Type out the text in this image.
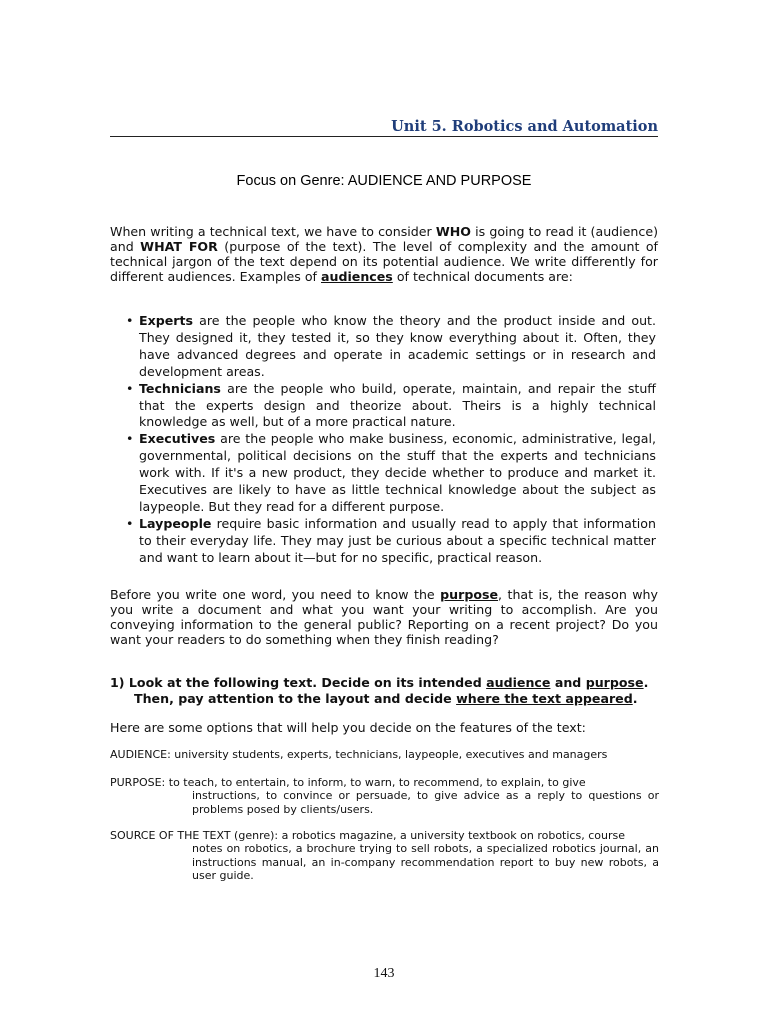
Unit 5. Robotics and Automation
Focus on Genre: AUDIENCE AND PURPOSE

When writing a technical text, we have to consider WHO is going to read it (audience) and WHAT FOR (purpose of the text). The level of complexity and the amount of technical jargon of the text depend on its potential audience. We write differently for different audiences. Examples of audiences of technical documents are:

• Experts are the people who know the theory and the product inside and out. They designed it, they tested it, so they know everything about it. Often, they have advanced degrees and operate in academic settings or in research and development areas.
• Technicians are the people who build, operate, maintain, and repair the stuff that the experts design and theorize about. Theirs is a highly technical knowledge as well, but of a more practical nature.
• Executives are the people who make business, economic, administrative, legal, governmental, political decisions on the stuff that the experts and technicians work with. If it's a new product, they decide whether to produce and market it. Executives are likely to have as little technical knowledge about the subject as laypeople. But they read for a different purpose.
• Laypeople require basic information and usually read to apply that information to their everyday life. They may just be curious about a specific technical matter and want to learn about it—but for no specific, practical reason.

Before you write one word, you need to know the purpose, that is, the reason why you write a document and what you want your writing to accomplish. Are you conveying information to the general public? Reporting on a recent project? Do you want your readers to do something when they finish reading?

1) Look at the following text. Decide on its intended audience and purpose.
Then, pay attention to the layout and decide where the text appeared.

Here are some options that will help you decide on the features of the text:

AUDIENCE: university students, experts, technicians, laypeople, executives and managers
PURPOSE: to teach, to entertain, to inform, to warn, to recommend, to explain, to give
instructions, to convince or persuade, to give advice as a reply to questions or problems posed by clients/users.
SOURCE OF THE TEXT (genre): a robotics magazine, a university textbook on robotics, course
notes on robotics, a brochure trying to sell robots, a specialized robotics journal, an instructions manual, an in-company recommendation report to buy new robots, a user guide.
143
